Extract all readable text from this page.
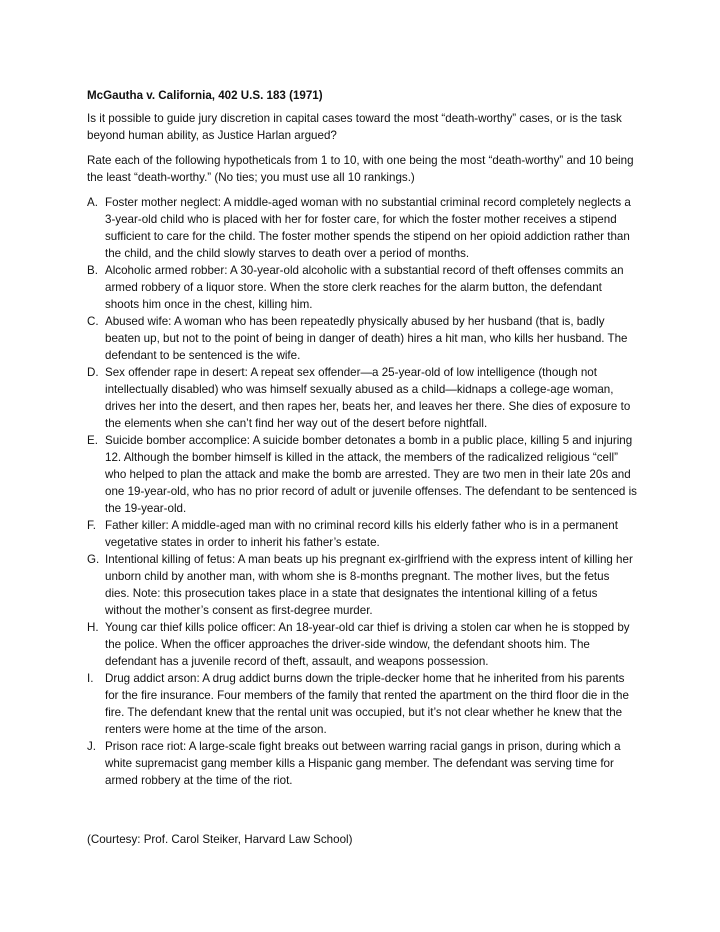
McGautha v. California, 402 U.S. 183 (1971)

Is it possible to guide jury discretion in capital cases toward the most “death-worthy” cases, or is the task beyond human ability, as Justice Harlan argued?

Rate each of the following hypotheticals from 1 to 10, with one being the most “death-worthy” and 10 being the least “death-worthy.” (No ties; you must use all 10 rankings.)

A. Foster mother neglect: A middle-aged woman with no substantial criminal record completely neglects a 3-year-old child who is placed with her for foster care, for which the foster mother receives a stipend sufficient to care for the child. The foster mother spends the stipend on her opioid addiction rather than the child, and the child slowly starves to death over a period of months.
B. Alcoholic armed robber: A 30-year-old alcoholic with a substantial record of theft offenses commits an armed robbery of a liquor store. When the store clerk reaches for the alarm button, the defendant shoots him once in the chest, killing him.
C. Abused wife: A woman who has been repeatedly physically abused by her husband (that is, badly beaten up, but not to the point of being in danger of death) hires a hit man, who kills her husband. The defendant to be sentenced is the wife.
D. Sex offender rape in desert: A repeat sex offender—a 25-year-old of low intelligence (though not intellectually disabled) who was himself sexually abused as a child—kidnaps a college-age woman, drives her into the desert, and then rapes her, beats her, and leaves her there. She dies of exposure to the elements when she can’t find her way out of the desert before nightfall.
E. Suicide bomber accomplice: A suicide bomber detonates a bomb in a public place, killing 5 and injuring 12. Although the bomber himself is killed in the attack, the members of the radicalized religious “cell” who helped to plan the attack and make the bomb are arrested. They are two men in their late 20s and one 19-year-old, who has no prior record of adult or juvenile offenses. The defendant to be sentenced is the 19-year-old.
F. Father killer: A middle-aged man with no criminal record kills his elderly father who is in a permanent vegetative states in order to inherit his father’s estate.
G. Intentional killing of fetus: A man beats up his pregnant ex-girlfriend with the express intent of killing her unborn child by another man, with whom she is 8-months pregnant. The mother lives, but the fetus dies. Note: this prosecution takes place in a state that designates the intentional killing of a fetus without the mother’s consent as first-degree murder.
H. Young car thief kills police officer: An 18-year-old car thief is driving a stolen car when he is stopped by the police. When the officer approaches the driver-side window, the defendant shoots him. The defendant has a juvenile record of theft, assault, and weapons possession.
I. Drug addict arson: A drug addict burns down the triple-decker home that he inherited from his parents for the fire insurance. Four members of the family that rented the apartment on the third floor die in the fire. The defendant knew that the rental unit was occupied, but it’s not clear whether he knew that the renters were home at the time of the arson.
J. Prison race riot: A large-scale fight breaks out between warring racial gangs in prison, during which a white supremacist gang member kills a Hispanic gang member. The defendant was serving time for armed robbery at the time of the riot.
(Courtesy: Prof. Carol Steiker, Harvard Law School)
